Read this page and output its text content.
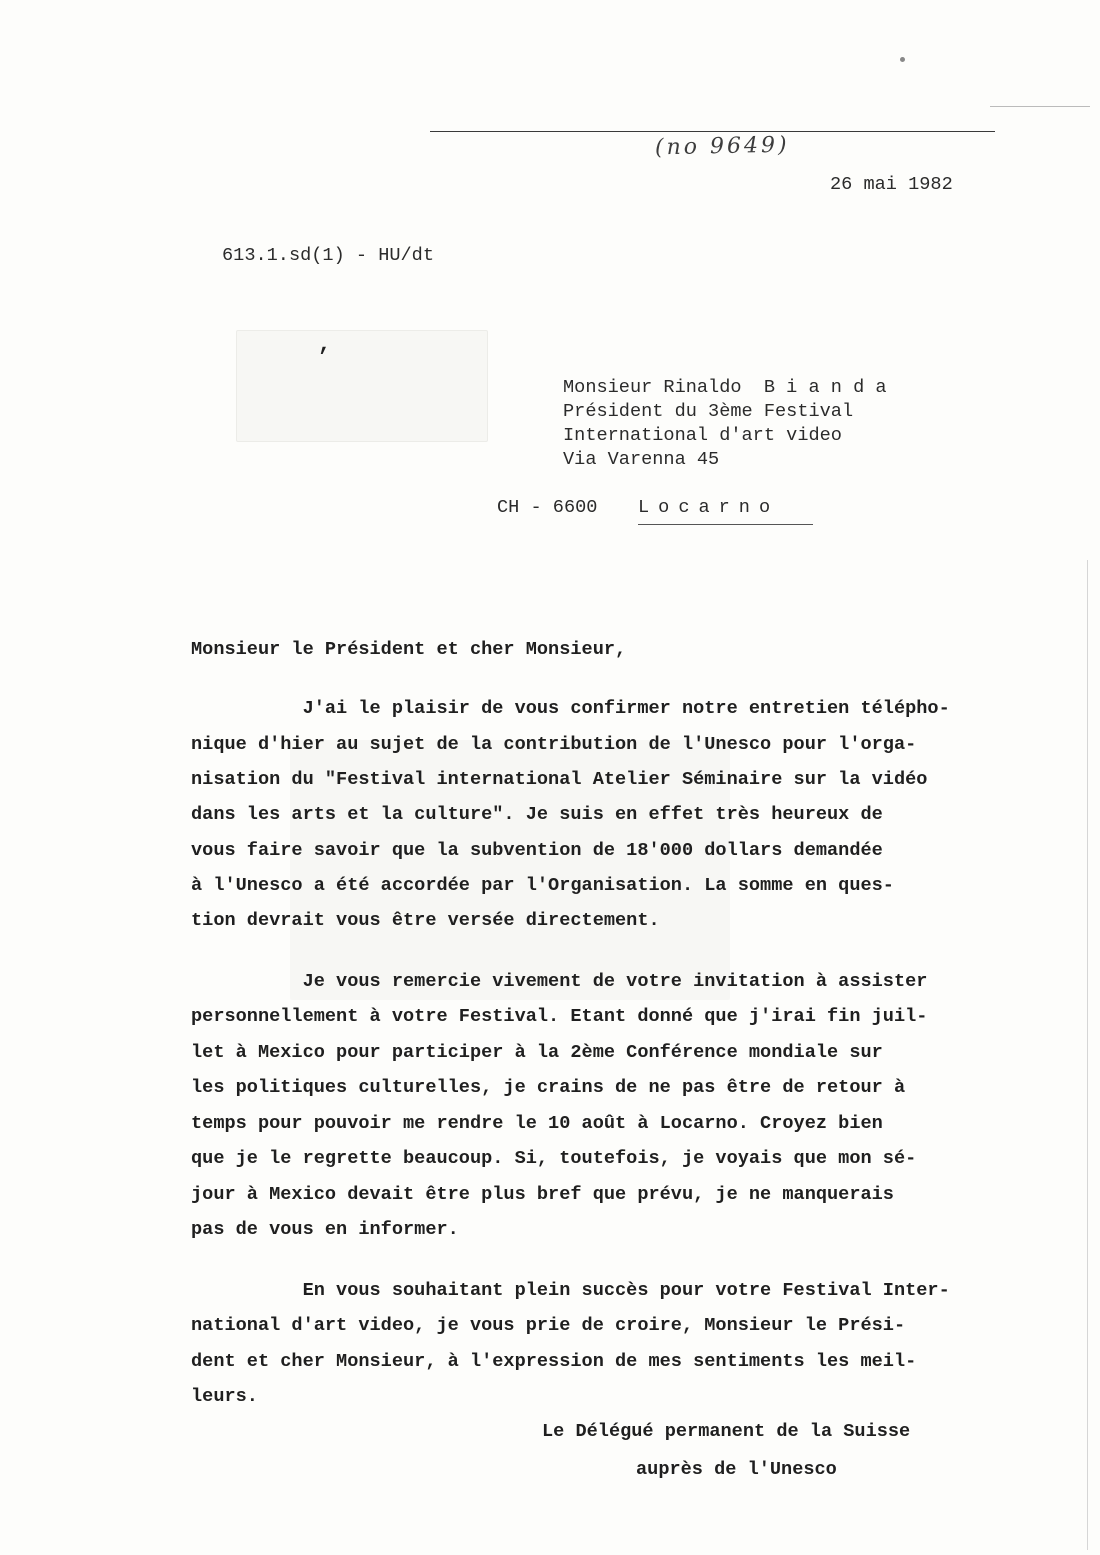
(no 9649)
26 mai 1982
613.1.sd(1) - HU/dt
,
Monsieur Rinaldo  B i a n d a
Président du 3ème Festival
International d'art video
Via Varenna 45
CH - 6600 Locarno
Monsieur le Président et cher Monsieur,
J'ai le plaisir de vous confirmer notre entretien télépho-
nique d'hier au sujet de la contribution de l'Unesco pour l'orga-
nisation du "Festival international Atelier Séminaire sur la vidéo
dans les arts et la culture". Je suis en effet très heureux de
vous faire savoir que la subvention de 18'000 dollars demandée
à l'Unesco a été accordée par l'Organisation. La somme en ques-
tion devrait vous être versée directement.
Je vous remercie vivement de votre invitation à assister
personnellement à votre Festival. Etant donné que j'irai fin juil-
let à Mexico pour participer à la 2ème Conférence mondiale sur
les politiques culturelles, je crains de ne pas être de retour à
temps pour pouvoir me rendre le 10 août à Locarno. Croyez bien
que je le regrette beaucoup. Si, toutefois, je voyais que mon sé-
jour à Mexico devait être plus bref que prévu, je ne manquerais
pas de vous en informer.
En vous souhaitant plein succès pour votre Festival Inter-
national d'art video, je vous prie de croire, Monsieur le Prési-
dent et cher Monsieur, à l'expression de mes sentiments les meil-
leurs.
Le Délégué permanent de la Suisse
auprès de l'Unesco
